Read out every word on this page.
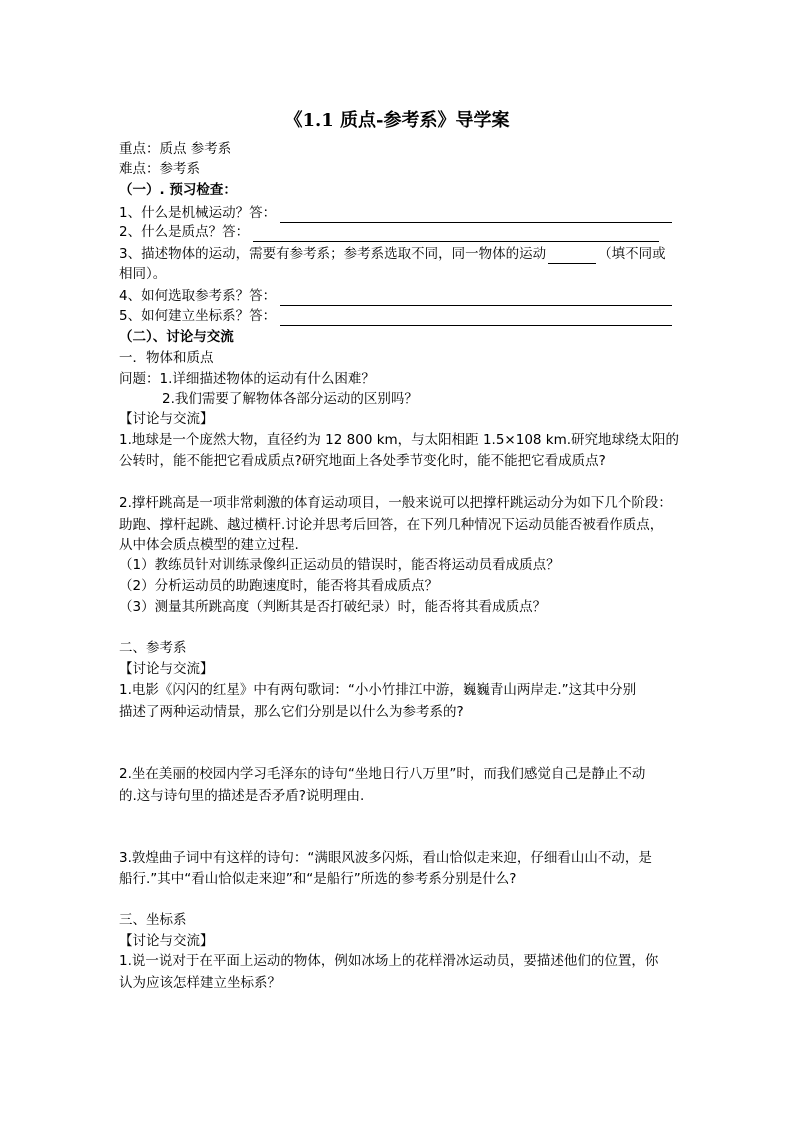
《1.1 质点-参考系》导学案
重点：质点 参考系
难点：参考系
（一）. 预习检查：
1、什么是机械运动？答：
2、什么是质点？答：
3、描述物体的运动，需要有参考系；参考系选取不同，同一物体的运动	（填不同或
相同）。
4、如何选取参考系？答：
5、如何建立坐标系？答：
（二）、讨论与交流
一．物体和质点
问题：1.详细描述物体的运动有什么困难？
2.我们需要了解物体各部分运动的区别吗？
【讨论与交流】
1.地球是一个庞然大物，直径约为 12 800 km，与太阳相距 1.5×108 km.研究地球绕太阳的
公转时，能不能把它看成质点?研究地面上各处季节变化时，能不能把它看成质点?
2.撑杆跳高是一项非常刺激的体育运动项目，一般来说可以把撑杆跳运动分为如下几个阶段：
助跑、撑杆起跳、越过横杆.讨论并思考后回答，在下列几种情况下运动员能否被看作质点，
从中体会质点模型的建立过程.
（1）教练员针对训练录像纠正运动员的错误时，能否将运动员看成质点？
（2）分析运动员的助跑速度时，能否将其看成质点？
（3）测量其所跳高度（判断其是否打破纪录）时，能否将其看成质点？
二、参考系
【讨论与交流】
1.电影《闪闪的红星》中有两句歌词：“小小竹排江中游，巍巍青山两岸走.”这其中分别
描述了两种运动情景，那么它们分别是以什么为参考系的?
2.坐在美丽的校园内学习毛泽东的诗句“坐地日行八万里”时，而我们感觉自己是静止不动
的.这与诗句里的描述是否矛盾?说明理由.
3.敦煌曲子词中有这样的诗句：“满眼风波多闪烁，看山恰似走来迎，仔细看山山不动，是
船行.”其中“看山恰似走来迎”和“是船行”所选的参考系分别是什么?
三、坐标系
【讨论与交流】
1.说一说对于在平面上运动的物体，例如冰场上的花样滑冰运动员，要描述他们的位置，你
认为应该怎样建立坐标系？
